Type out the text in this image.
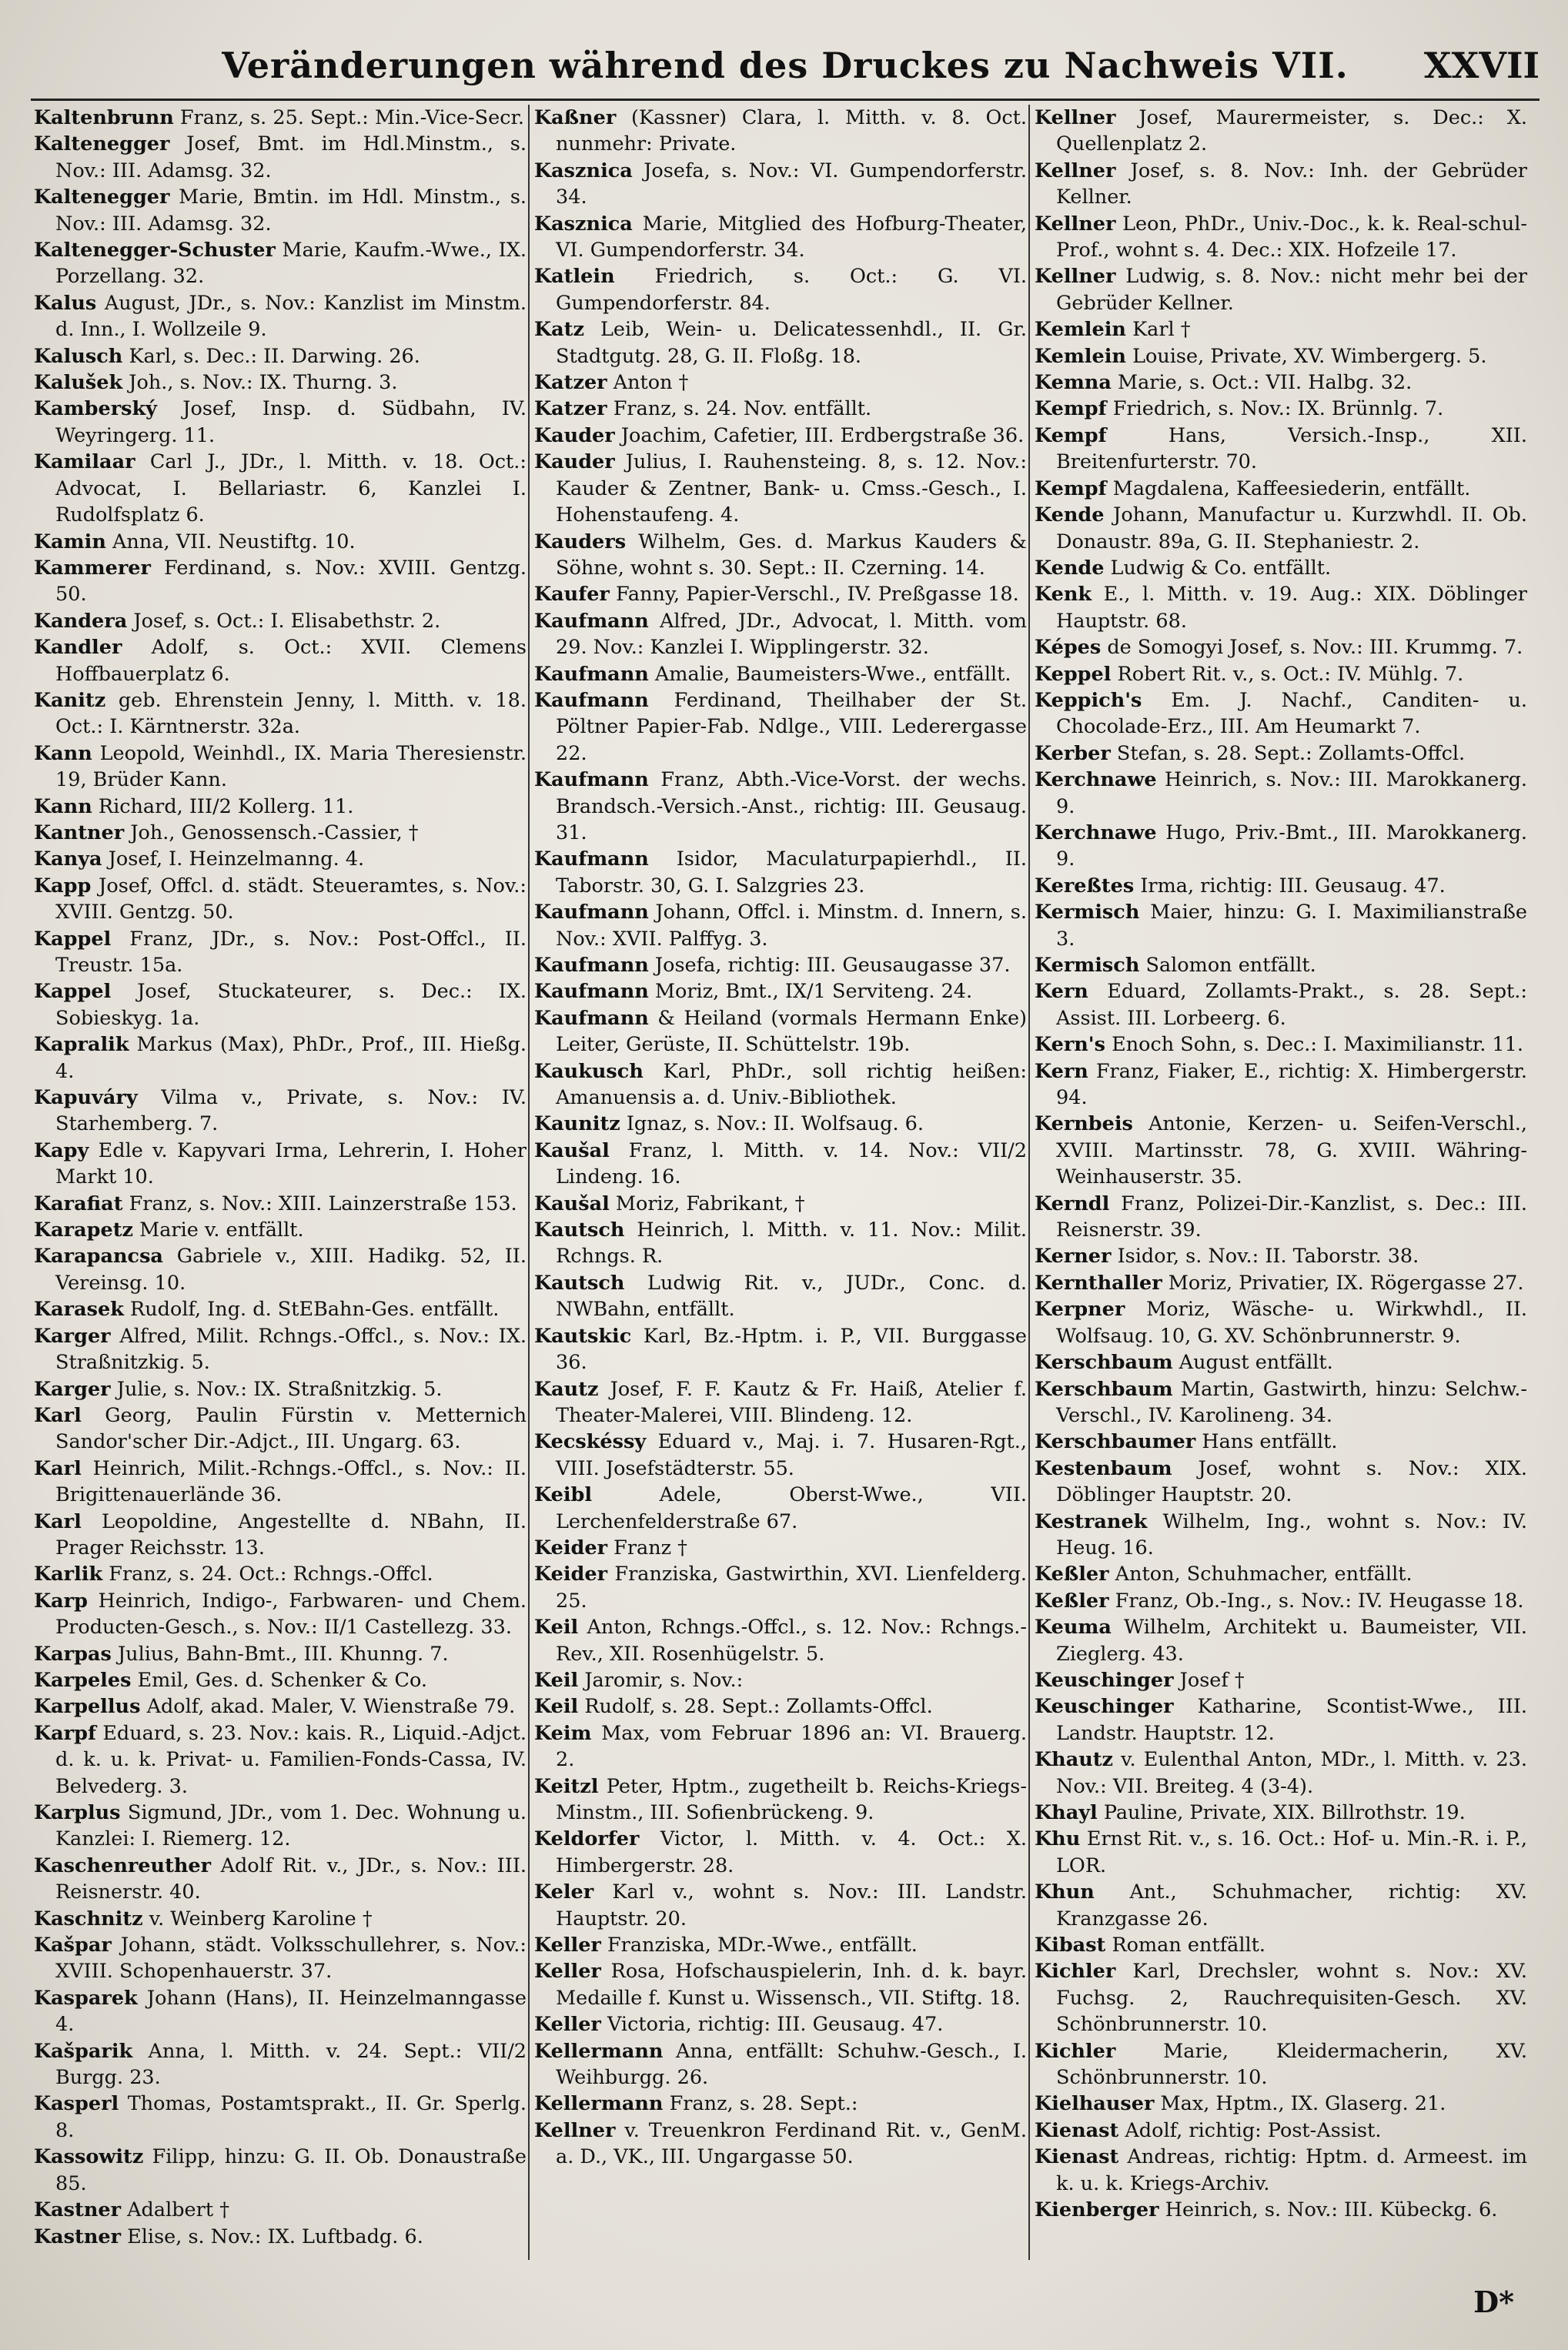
Veränderungen während des Druckes zu Nachweis VII.	XXVII

Kaltenbrunn Franz, s. 25. Sept.: Min.-Vice-Secr.

Kaltenegger Josef, Bmt. im Hdl.Minstm., s. Nov.: III. Adamsg. 32.

Kaltenegger Marie, Bmtin. im Hdl. Minstm., s. Nov.: III. Adamsg. 32.

Kaltenegger-Schuster Marie, Kaufm.-Wwe., IX. Porzellang. 32.

Kalus August, JDr., s. Nov.: Kanzlist im Minstm. d. Inn., I. Wollzeile 9.

Kalusch Karl, s. Dec.: II. Darwing. 26.

Kalušek Joh., s. Nov.: IX. Thurng. 3.

Kamberský Josef, Insp. d. Südbahn, IV. Weyringerg. 11.

Kamilaar Carl J., JDr., l. Mitth. v. 18. Oct.: Advocat, I. Bellariastr. 6, Kanzlei I. Rudolfsplatz 6.

Kamin Anna, VII. Neustiftg. 10.

Kammerer Ferdinand, s. Nov.: XVIII. Gentzg. 50.

Kandera Josef, s. Oct.: I. Elisabethstr. 2.

Kandler Adolf, s. Oct.: XVII. Clemens Hoffbauerplatz 6.

Kanitz geb. Ehrenstein Jenny, l. Mitth. v. 18. Oct.: I. Kärntnerstr. 32a.

Kann Leopold, Weinhdl., IX. Maria Theresienstr. 19, Brüder Kann.

Kann Richard, III/2 Kollerg. 11.

Kantner Joh., Genossensch.-Cassier, †

Kanya Josef, I. Heinzelmanng. 4.

Kapp Josef, Offcl. d. städt. Steueramtes, s. Nov.: XVIII. Gentzg. 50.

Kappel Franz, JDr., s. Nov.: Post-Offcl., II. Treustr. 15a.

Kappel Josef, Stuckateurer, s. Dec.: IX. Sobieskyg. 1a.

Kapralik Markus (Max), PhDr., Prof., III. Hießg. 4.

Kapuváry Vilma v., Private, s. Nov.: IV. Starhemberg. 7.

Kapy Edle v. Kapyvari Irma, Lehrerin, I. Hoher Markt 10.

Karafiat Franz, s. Nov.: XIII. Lainzerstraße 153.

Karapetz Marie v. entfällt.

Karapancsa Gabriele v., XIII. Hadikg. 52, II. Vereinsg. 10.

Karasek Rudolf, Ing. d. StEBahn-Ges. entfällt.

Karger Alfred, Milit. Rchngs.-Offcl., s. Nov.: IX. Straßnitzkig. 5.

Karger Julie, s. Nov.: IX. Straßnitzkig. 5.

Karl Georg, Paulin Fürstin v. Metternich Sandor'scher Dir.-Adjct., III. Ungarg. 63.

Karl Heinrich, Milit.-Rchngs.-Offcl., s. Nov.: II. Brigittenauerlände 36.

Karl Leopoldine, Angestellte d. NBahn, II. Prager Reichsstr. 13.

Karlik Franz, s. 24. Oct.: Rchngs.-Offcl.

Karp Heinrich, Indigo-, Farbwaren- und Chem. Producten-Gesch., s. Nov.: II/1 Castellezg. 33.

Karpas Julius, Bahn-Bmt., III. Khunng. 7.

Karpeles Emil, Ges. d. Schenker & Co.

Karpellus Adolf, akad. Maler, V. Wienstraße 79.

Karpf Eduard, s. 23. Nov.: kais. R., Liquid.-Adjct. d. k. u. k. Privat- u. Familien-Fonds-Cassa, IV. Belvederg. 3.

Karplus Sigmund, JDr., vom 1. Dec. Wohnung u. Kanzlei: I. Riemerg. 12.

Kaschenreuther Adolf Rit. v., JDr., s. Nov.: III. Reisnerstr. 40.

Kaschnitz v. Weinberg Karoline †

Kašpar Johann, städt. Volksschullehrer, s. Nov.: XVIII. Schopenhauerstr. 37.

Kasparek Johann (Hans), II. Heinzelmanngasse 4.

Kašparik Anna, l. Mitth. v. 24. Sept.: VII/2 Burgg. 23.

Kasperl Thomas, Postamtsprakt., II. Gr. Sperlg. 8.

Kassowitz Filipp, hinzu: G. II. Ob. Donaustraße 85.

Kastner Adalbert †

Kastner Elise, s. Nov.: IX. Luftbadg. 6.

Kaßner (Kassner) Clara, l. Mitth. v. 8. Oct. nunmehr: Private.

Kasznica Josefa, s. Nov.: VI. Gumpendorferstr. 34.

Kasznica Marie, Mitglied des Hofburg-Theater, VI. Gumpendorferstr. 34.

Katlein Friedrich, s. Oct.: G. VI. Gumpendorferstr. 84.

Katz Leib, Wein- u. Delicatessenhdl., II. Gr. Stadtgutg. 28, G. II. Floßg. 18.

Katzer Anton †

Katzer Franz, s. 24. Nov. entfällt.

Kauder Joachim, Cafetier, III. Erdbergstraße 36.

Kauder Julius, I. Rauhensteing. 8, s. 12. Nov.: Kauder & Zentner, Bank- u. Cmss.-Gesch., I. Hohenstaufeng. 4.

Kauders Wilhelm, Ges. d. Markus Kauders & Söhne, wohnt s. 30. Sept.: II. Czerning. 14.

Kaufer Fanny, Papier-Verschl., IV. Preßgasse 18.

Kaufmann Alfred, JDr., Advocat, l. Mitth. vom 29. Nov.: Kanzlei I. Wipplingerstr. 32.

Kaufmann Amalie, Baumeisters-Wwe., entfällt.

Kaufmann Ferdinand, Theilhaber der St. Pöltner Papier-Fab. Ndlge., VIII. Lederergasse 22.

Kaufmann Franz, Abth.-Vice-Vorst. der wechs. Brandsch.-Versich.-Anst., richtig: III. Geusaug. 31.

Kaufmann Isidor, Maculaturpapierhdl., II. Taborstr. 30, G. I. Salzgries 23.

Kaufmann Johann, Offcl. i. Minstm. d. Innern, s. Nov.: XVII. Palffyg. 3.

Kaufmann Josefa, richtig: III. Geusaugasse 37.

Kaufmann Moriz, Bmt., IX/1 Serviteng. 24.

Kaufmann & Heiland (vormals Hermann Enke) Leiter, Gerüste, II. Schüttelstr. 19b.

Kaukusch Karl, PhDr., soll richtig heißen: Amanuensis a. d. Univ.-Bibliothek.

Kaunitz Ignaz, s. Nov.: II. Wolfsaug. 6.

Kaušal Franz, l. Mitth. v. 14. Nov.: VII/2 Lindeng. 16.

Kaušal Moriz, Fabrikant, †

Kautsch Heinrich, l. Mitth. v. 11. Nov.: Milit. Rchngs. R.

Kautsch Ludwig Rit. v., JUDr., Conc. d. NWBahn, entfällt.

Kautskic Karl, Bz.-Hptm. i. P., VII. Burggasse 36.

Kautz Josef, F. F. Kautz & Fr. Haiß, Atelier f. Theater-Malerei, VIII. Blindeng. 12.

Kecskéssy Eduard v., Maj. i. 7. Husaren-Rgt., VIII. Josefstädterstr. 55.

Keibl	Adele, Oberst-Wwe., VII. Lerchenfelderstraße 67.

Keider Franz †

Keider Franziska, Gastwirthin, XVI. Lienfelderg. 25.

Keil Anton, Rchngs.-Offcl., s. 12. Nov.: Rchngs.-Rev., XII. Rosenhügelstr. 5.

Keil Jaromir, s. Nov.:

Keil Rudolf, s. 28. Sept.: Zollamts-Offcl.

Keim Max, vom Februar 1896 an: VI. Brauerg. 2.

Keitzl Peter, Hptm., zugetheilt b. Reichs-Kriegs-Minstm., III. Sofienbrückeng. 9.

Keldorfer Victor, l. Mitth. v. 4. Oct.: X. Himbergerstr. 28.

Keler Karl v., wohnt s. Nov.: III. Landstr. Hauptstr. 20.

Keller Franziska, MDr.-Wwe., entfällt.

Keller Rosa, Hofschauspielerin, Inh. d. k. bayr. Medaille f. Kunst u. Wissensch., VII. Stiftg. 18.

Keller Victoria, richtig: III. Geusaug. 47.

Kellermann Anna, entfällt: Schuhw.-Gesch., I. Weihburgg. 26.

Kellermann Franz, s. 28. Sept.:

Kellner v. Treuenkron Ferdinand Rit. v., GenM. a. D., VK., III. Ungargasse 50.

Kellner Josef, Maurermeister, s. Dec.: X. Quellenplatz 2.

Kellner Josef, s. 8. Nov.: Inh. der Gebrüder Kellner.

Kellner Leon, PhDr., Univ.-Doc., k. k. Real-schul-Prof., wohnt s. 4. Dec.: XIX. Hofzeile 17.

Kellner Ludwig, s. 8. Nov.: nicht mehr bei der Gebrüder Kellner.

Kemlein Karl †

Kemlein Louise, Private, XV. Wimbergerg. 5.

Kemna Marie, s. Oct.: VII. Halbg. 32.

Kempf Friedrich, s. Nov.: IX. Brünnlg. 7.

Kempf	Hans, Versich.-Insp., XII. Breitenfurterstr. 70.

Kempf Magdalena, Kaffeesiederin, entfällt.

Kende Johann, Manufactur u. Kurzwhdl. II. Ob. Donaustr. 89a, G. II. Stephaniestr. 2.

Kende Ludwig & Co. entfällt.

Kenk E., l. Mitth. v. 19. Aug.: XIX. Döblinger Hauptstr. 68.

Képes de Somogyi Josef, s. Nov.: III. Krummg. 7.

Keppel Robert Rit. v., s. Oct.: IV. Mühlg. 7.

Keppich's Em. J. Nachf., Canditen- u. Chocolade-Erz., III. Am Heumarkt 7.

Kerber Stefan, s. 28. Sept.: Zollamts-Offcl.

Kerchnawe Heinrich, s. Nov.: III. Marokkanerg. 9.

Kerchnawe Hugo, Priv.-Bmt., III. Marokkanerg. 9.

Kereßtes Irma, richtig: III. Geusaug. 47.

Kermisch Maier, hinzu: G. I. Maximilianstraße 3.

Kermisch Salomon entfällt.

Kern Eduard, Zollamts-Prakt., s. 28. Sept.: Assist. III. Lorbeerg. 6.

Kern's Enoch Sohn, s. Dec.: I. Maximilianstr. 11.

Kern Franz, Fiaker, E., richtig: X. Himbergerstr. 94.

Kernbeis Antonie, Kerzen- u. Seifen-Verschl., XVIII. Martinsstr. 78, G. XVIII. Währing-Weinhauserstr. 35.

Kerndl Franz, Polizei-Dir.-Kanzlist, s. Dec.: III. Reisnerstr. 39.

Kerner Isidor, s. Nov.: II. Taborstr. 38.

Kernthaller Moriz, Privatier, IX. Rögergasse 27.

Kerpner Moriz, Wäsche- u. Wirkwhdl., II. Wolfsaug. 10, G. XV. Schönbrunnerstr. 9.

Kerschbaum August entfällt.

Kerschbaum Martin, Gastwirth, hinzu: Selchw.-Verschl., IV. Karolineng. 34.

Kerschbaumer Hans entfällt.

Kestenbaum Josef, wohnt s. Nov.: XIX. Döblinger Hauptstr. 20.

Kestranek Wilhelm, Ing., wohnt s. Nov.: IV. Heug. 16.

Keßler Anton, Schuhmacher, entfällt.

Keßler Franz, Ob.-Ing., s. Nov.: IV. Heugasse 18.

Keuma Wilhelm, Architekt u. Baumeister, VII. Zieglerg. 43.

Keuschinger Josef †

Keuschinger Katharine, Scontist-Wwe., III. Landstr. Hauptstr. 12.

Khautz v. Eulenthal Anton, MDr., l. Mitth. v. 23. Nov.: VII. Breiteg. 4 (3-4).

Khayl Pauline, Private, XIX. Billrothstr. 19.

Khu Ernst Rit. v., s. 16. Oct.: Hof- u. Min.-R. i. P., LOR.

Khun Ant., Schuhmacher, richtig: XV. Kranzgasse 26.

Kibast Roman entfällt.

Kichler Karl, Drechsler, wohnt s. Nov.: XV. Fuchsg. 2, Rauchrequisiten-Gesch. XV. Schönbrunnerstr. 10.

Kichler Marie, Kleidermacherin, XV. Schönbrunnerstr. 10.

Kielhauser Max, Hptm., IX. Glaserg. 21.

Kienast Adolf, richtig: Post-Assist.

Kienast Andreas, richtig: Hptm. d. Armeest. im k. u. k. Kriegs-Archiv.

Kienberger Heinrich, s. Nov.: III. Kübeckg. 6.

D*
